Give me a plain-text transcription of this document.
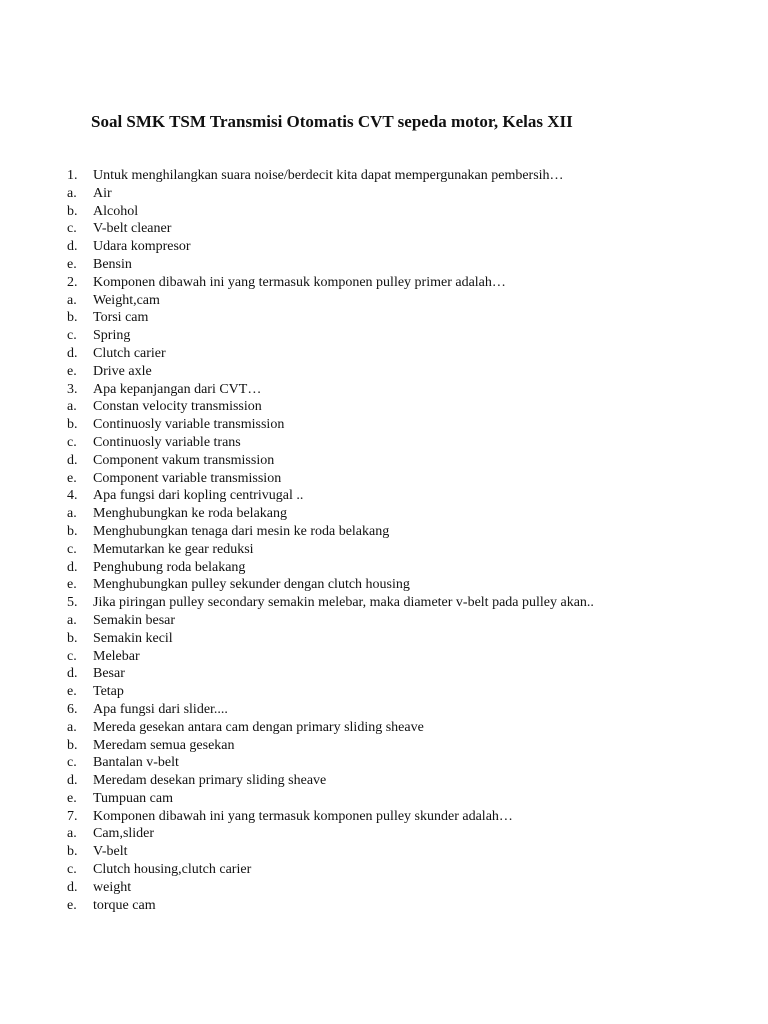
Soal SMK TSM Transmisi Otomatis CVT sepeda motor, Kelas XII
1.	Untuk menghilangkan suara noise/berdecit kita dapat mempergunakan pembersih…
a.	Air
b.	Alcohol
c.	V-belt cleaner
d.	Udara kompresor
e.	Bensin
2.	Komponen dibawah ini yang termasuk komponen pulley primer adalah…
a.	Weight,cam
b.	Torsi cam
c.	Spring
d.	Clutch carier
e.	Drive axle
3.	Apa kepanjangan dari CVT…
a.	Constan velocity transmission
b.	Continuosly variable transmission
c.	Continuosly variable trans
d.	Component vakum transmission
e.	Component variable transmission
4.	Apa fungsi dari kopling centrivugal ..
a.	Menghubungkan ke roda belakang
b.	Menghubungkan tenaga dari mesin ke roda belakang
c.	Memutarkan ke gear reduksi
d.	Penghubung roda belakang
e.	Menghubungkan pulley sekunder dengan clutch housing
5.	Jika piringan pulley secondary semakin melebar, maka diameter v-belt pada pulley akan..
a.	Semakin besar
b.	Semakin kecil
c.	Melebar
d.	Besar
e.	Tetap
6.	Apa fungsi dari slider....
a.	Mereda gesekan antara cam dengan primary sliding sheave
b.	Meredam semua gesekan
c.	Bantalan v-belt
d.	Meredam desekan primary sliding sheave
e.	Tumpuan cam
7.	Komponen dibawah ini yang termasuk komponen pulley skunder adalah…
a.	Cam,slider
b.	V-belt
c.	Clutch housing,clutch carier
d.	weight
e.	torque cam
